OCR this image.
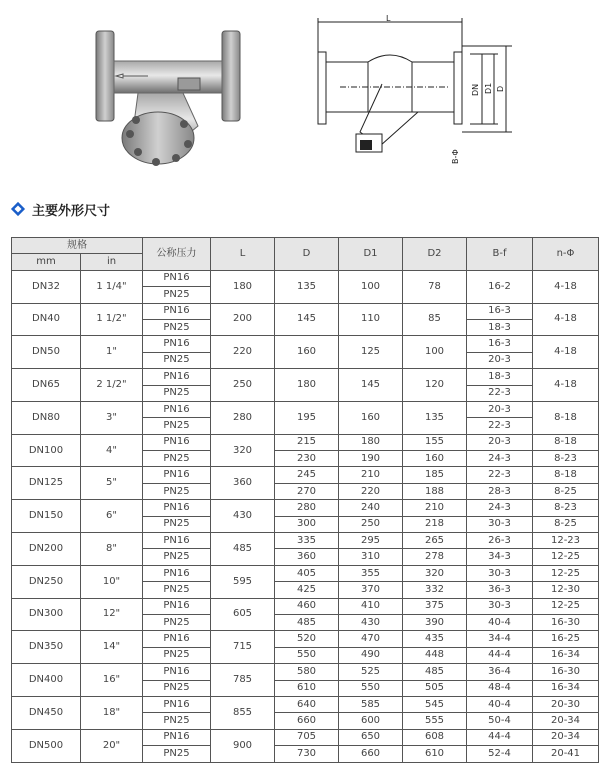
L
DN D1 D
B-Φ
主要外形尺寸
规格		公称压力	L	D	D1	D2	B-f	n-Φ
mm	in							
DN32	1 1/4"	PN16	180	135	100	78	16-2	4-18
		PN25						
DN40	1 1/2"	PN16	200	145	110	85	16-3	4-18
		PN25					18-3	
DN50	1"	PN16	220	160	125	100	16-3	4-18
		PN25					20-3	
DN65	2 1/2"	PN16	250	180	145	120	18-3	4-18
		PN25					22-3	
DN80	3"	PN16	280	195	160	135	20-3	8-18
		PN25					22-3	
DN100	4"	PN16	320	215	180	155	20-3	8-18
		PN25		230	190	160	24-3	8-23
DN125	5"	PN16	360	245	210	185	22-3	8-18
		PN25		270	220	188	28-3	8-25
DN150	6"	PN16	430	280	240	210	24-3	8-23
		PN25		300	250	218	30-3	8-25
DN200	8"	PN16	485	335	295	265	26-3	12-23
		PN25		360	310	278	34-3	12-25
DN250	10"	PN16	595	405	355	320	30-3	12-25
		PN25		425	370	332	36-3	12-30
DN300	12"	PN16	605	460	410	375	30-3	12-25
		PN25		485	430	390	40-4	16-30
DN350	14"	PN16	715	520	470	435	34-4	16-25
		PN25		550	490	448	44-4	16-34
DN400	16"	PN16	785	580	525	485	36-4	16-30
		PN25		610	550	505	48-4	16-34
DN450	18"	PN16	855	640	585	545	40-4	20-30
		PN25		660	600	555	50-4	20-34
DN500	20"	PN16	900	705	650	608	44-4	20-34
		PN25		730	660	610	52-4	20-41
